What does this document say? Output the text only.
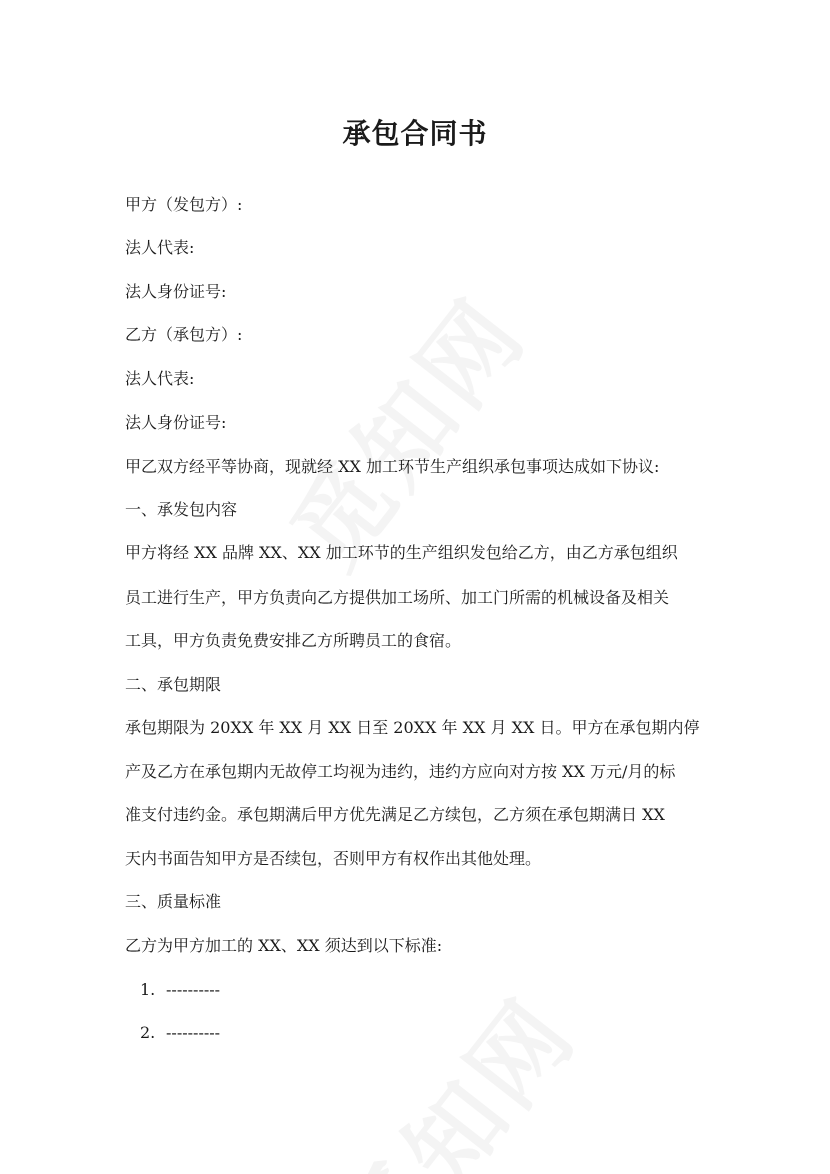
承包合同书

甲方（发包方）:

法人代表:

法人身份证号:

乙方（承包方）:

法人代表:

法人身份证号:

甲乙双方经平等协商，现就经 XX 加工环节生产组织承包事项达成如下协议:

一、承发包内容

甲方将经 XX 品牌 XX、XX 加工环节的生产组织发包给乙方，由乙方承包组织

员工进行生产，甲方负责向乙方提供加工场所、加工门所需的机械设备及相关

工具，甲方负责免费安排乙方所聘员工的食宿。

二、承包期限

承包期限为 20XX 年 XX 月 XX 日至 20XX 年 XX 月 XX 日。甲方在承包期内停

产及乙方在承包期内无故停工均视为违约，违约方应向对方按 XX 万元/月的标

准支付违约金。承包期满后甲方优先满足乙方续包，乙方须在承包期满日 XX

天内书面告知甲方是否续包，否则甲方有权作出其他处理。

三、质量标准

乙方为甲方加工的 XX、XX 须达到以下标准:

1. ----------

2. ----------
